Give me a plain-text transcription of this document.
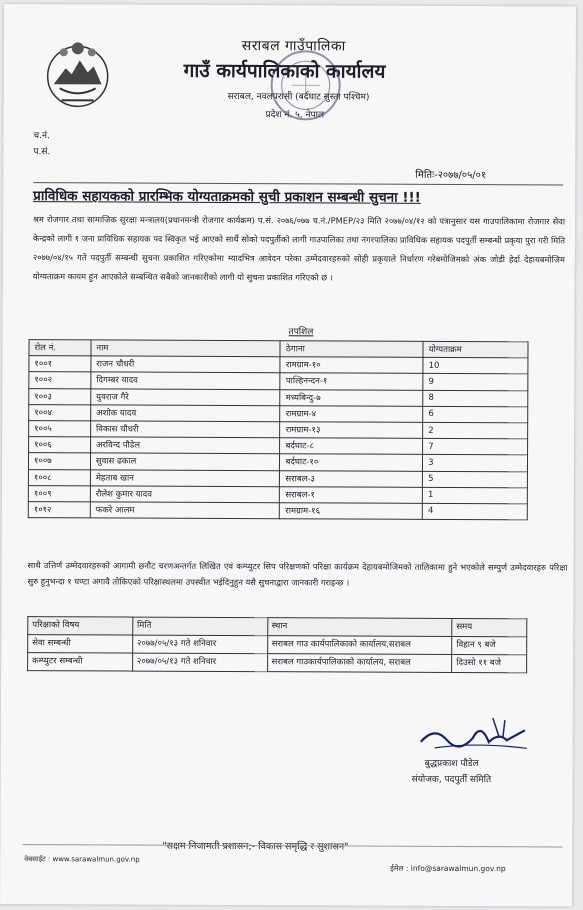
सराबल गाउँपालिका
गाउँ कार्यपालिकाको कार्यालय
सराबल, नवलपरासी (बर्दघाट सुस्ता पश्चिम)
प्रदेश नं. ५, नेपाल
च.नं.
प.सं.
मितिः-२०७७/०५/०१
प्राविधिक सहायकको प्रारम्भिक योग्यताक्रमको सुची प्रकाशन सम्बन्धी सुचना !!!
श्रम रोजगार तथा सामाजिक सुरक्षा मन्त्रालय(प्रधानमन्त्री रोजगार कार्यक्रम) प.सं. २०७६/०७७ च.नं./PMEP/२३ मिति २०७७/०४/१२ को पत्रानुसार यस गाउपालिकामा रोजगार सेवा केन्द्रको लागी १ जना प्राविधिक सहायक पद स्विकृत भई आएको सार्थै सोको पदपुर्तीको लागी गाउपालिका तथा नगरपालिका प्राविधिक सहायक पदपुर्ती सम्बन्धी प्रकृया पुरा गरी मिति २०७७/०४/१५ गते पदपुर्ती सम्बन्धी सुचना प्रकाशित गरिएकोमा म्यादभित्र आवेदन परेका उम्मेदवारहरुको सोही प्रकृयाले निर्धारण गरेबमोजिमको अंक जोडी हेर्दा देहायबमोजिम योग्यताक्रम कायम हुन आएकोले सम्बन्धित सबैको जानकारीको लागी यो सुचना प्रकाशित गरिएको छ ।
तपशिल
रोल नं.	नाम	ठेगाना	योग्यताक्रम
१००१	राजन चौधरी	रामग्राम-१०	10
१००२	दिगम्बर यादव	पाल्हिनन्दन-१	9
१००३	युवराज गैरे	मध्यबिन्दु-७	8
१००४	अशोक यादव	रामग्राम-४	6
१००५	विकास चौधरी	रामग्राम-१३	2
१००६	अरविन्द पौडेल	बर्दघाट-८	7
१००७	सुवास ढकाल	बर्दघाट-१०	3
१००८	मेहताब खान	सराबल-३	5
१००९	रौलेश कुमार यादव	सराबल-१	1
१०१२	फकरे आलम	रामग्राम-१६	4
साथै उत्तिर्ण उम्मेदवारहरुको आगामी छनौट चरणअन्तर्गत लिखित एवं कम्प्युटर सिप परिक्षणको परिक्षा कार्यक्रम देहायबमोजिमको तालिकामा हुने भएकोले सम्पुर्ण उम्मेदवारहरु परिक्षा सुरु हुनुभन्दा १ घण्टा अगावै तोकिएको परिक्षास्थलमा उपस्थीत भईदिनुहुन यसै सुचनाद्वारा जानकारी गराइन्छ ।
परिक्षाको विषय	मिति	स्थान	समय
सेवा सम्बन्धी	२०७७/०५/१३ गते शनिवार	सराबल गाउ कार्यपालिकाको कार्यालय,सराबल	विहान ९ बजे
कम्प्युटर सम्बन्धी	२०७७/०५/१३ गते शनिवार	सराबल गाउकार्यपालिकाको कार्यालय, सराबल	दिउसो ११ बजे
बुद्धप्रकाश पौडेल
संयोजक, पदपुर्ती समिति
"सक्षम निजामती प्रशासन;- विकास समृद्धि र सुशासन"
वेबसाईट : www.sarawalmun.gov.np
ईमेल : info@sarawalmun.gov.np
